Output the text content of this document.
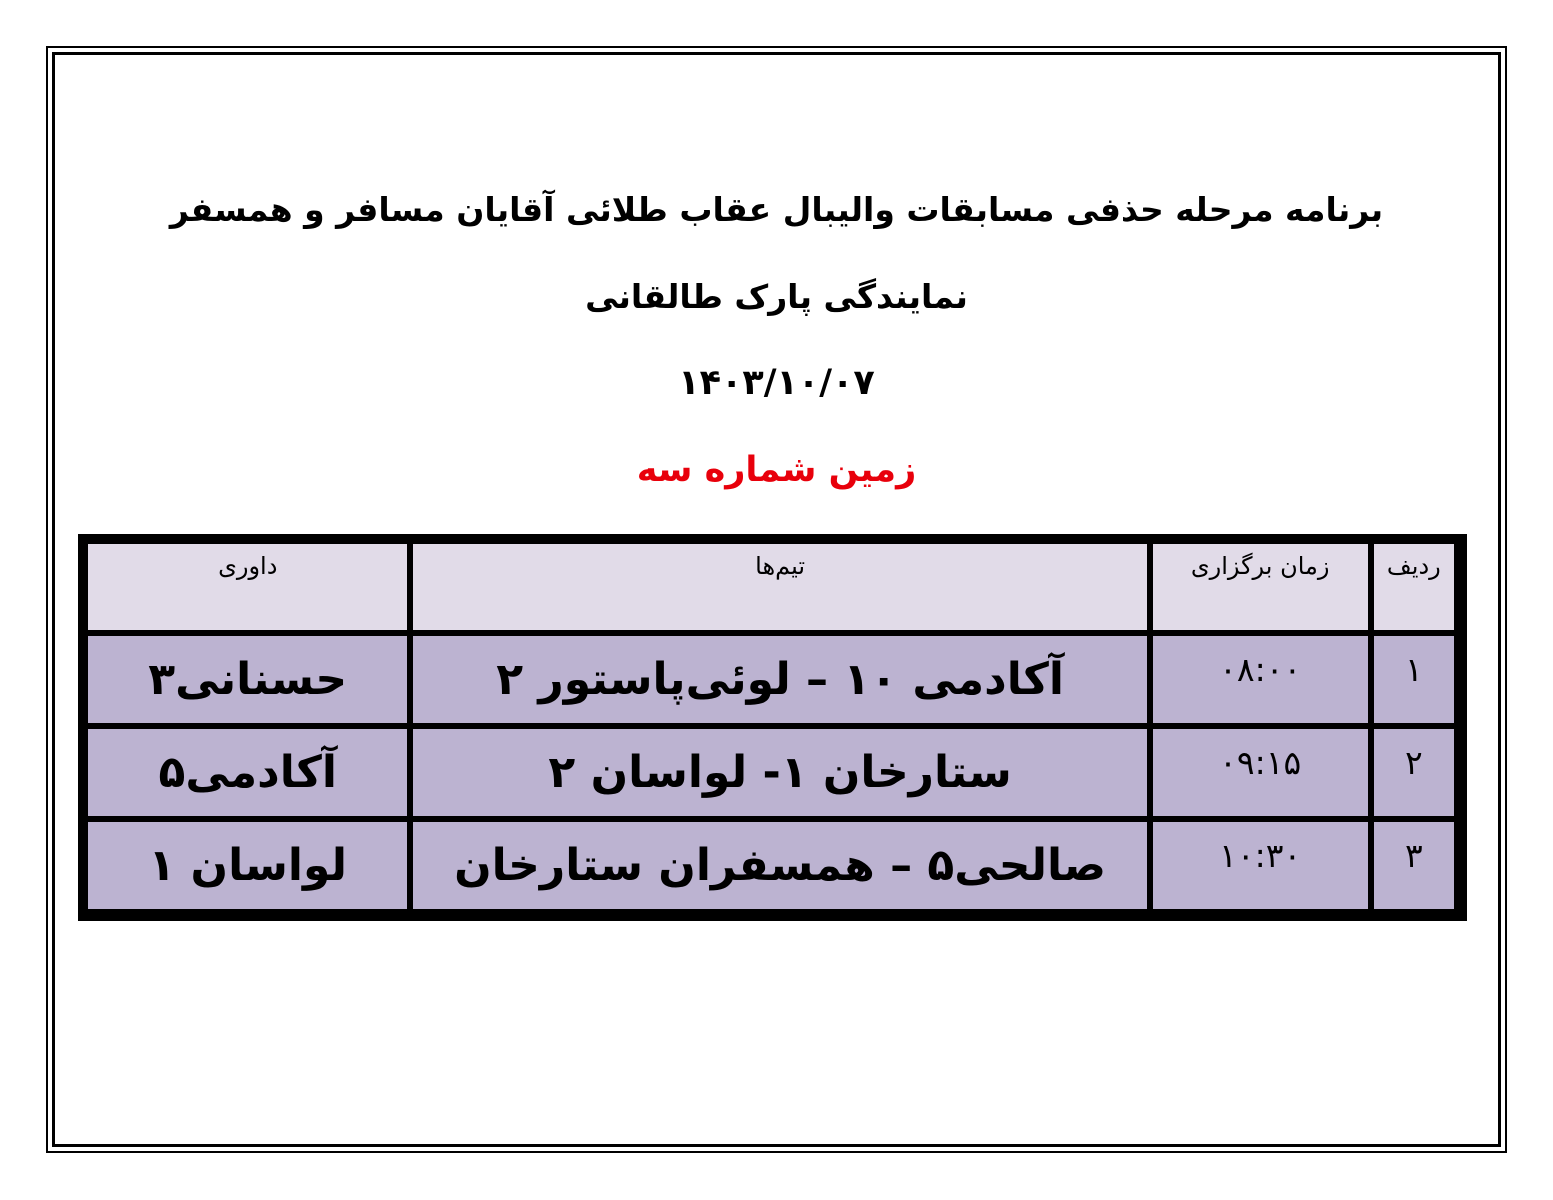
برنامه مرحله حذفی مسابقات والیبال عقاب طلائی آقایان مسافر و همسفر
نمایندگی پارک طالقانی
۱۴۰۳/۱۰/۰۷
زمین شماره سه
ردیف	زمان برگزاری	تیم‌ها	داوری
۱	۰۸:۰۰	آکادمی ۱۰ – لوئی‌پاستور ۲	حسنانی۳
۲	۰۹:۱۵	ستارخان ۱- لواسان ۲	آکادمی۵
۳	۱۰:۳۰	صالحی۵ – همسفران ستارخان	لواسان ۱
